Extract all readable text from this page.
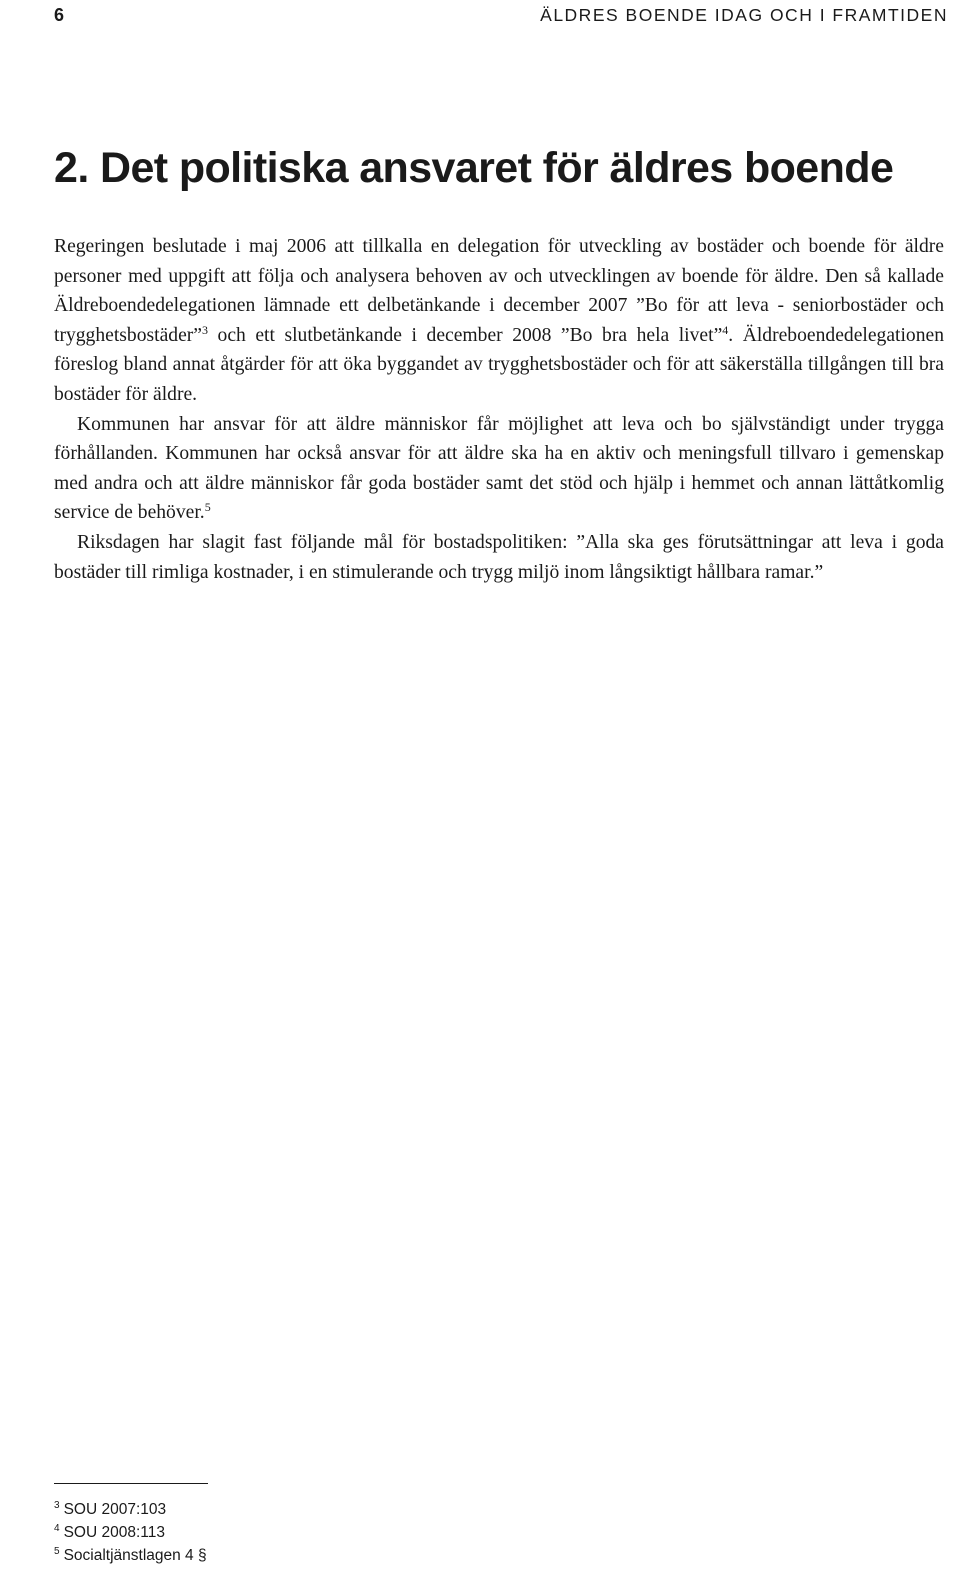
6	ÄLDRES BOENDE IDAG OCH I FRAMTIDEN
2. Det politiska ansvaret för äldres boende

Regeringen beslutade i maj 2006 att tillkalla en delegation för utveckling av bostäder och boende för äldre personer med uppgift att följa och analysera behoven av och utvecklingen av boende för äldre. Den så kallade Äldreboendedelegationen lämnade ett delbetänkande i december 2007 ”Bo för att leva - seniorbostäder och trygghetsbostäder”$^3$ och ett slutbetänkande i december 2008 ”Bo bra hela livet”$^4$. Äldreboendedelegationen föreslog bland annat åtgärder för att öka byggandet av trygghetsbostäder och för att säkerställa tillgången till bra bostäder för äldre.

Kommunen har ansvar för att äldre människor får möjlighet att leva och bo självständigt under trygga förhållanden. Kommunen har också ansvar för att äldre ska ha en aktiv och meningsfull tillvaro i gemenskap med andra och att äldre människor får goda bostäder samt det stöd och hjälp i hemmet och annan lättåtkomlig service de behöver.$^5$

Riksdagen har slagit fast följande mål för bostadspolitiken: ”Alla ska ges förutsättningar att leva i goda bostäder till rimliga kostnader, i en stimulerande och trygg miljö inom långsiktigt hållbara ramar.”

$^3$ SOU 2007:103
$^4$ SOU 2008:113
$^5$ Socialtjänstlagen 4 §
